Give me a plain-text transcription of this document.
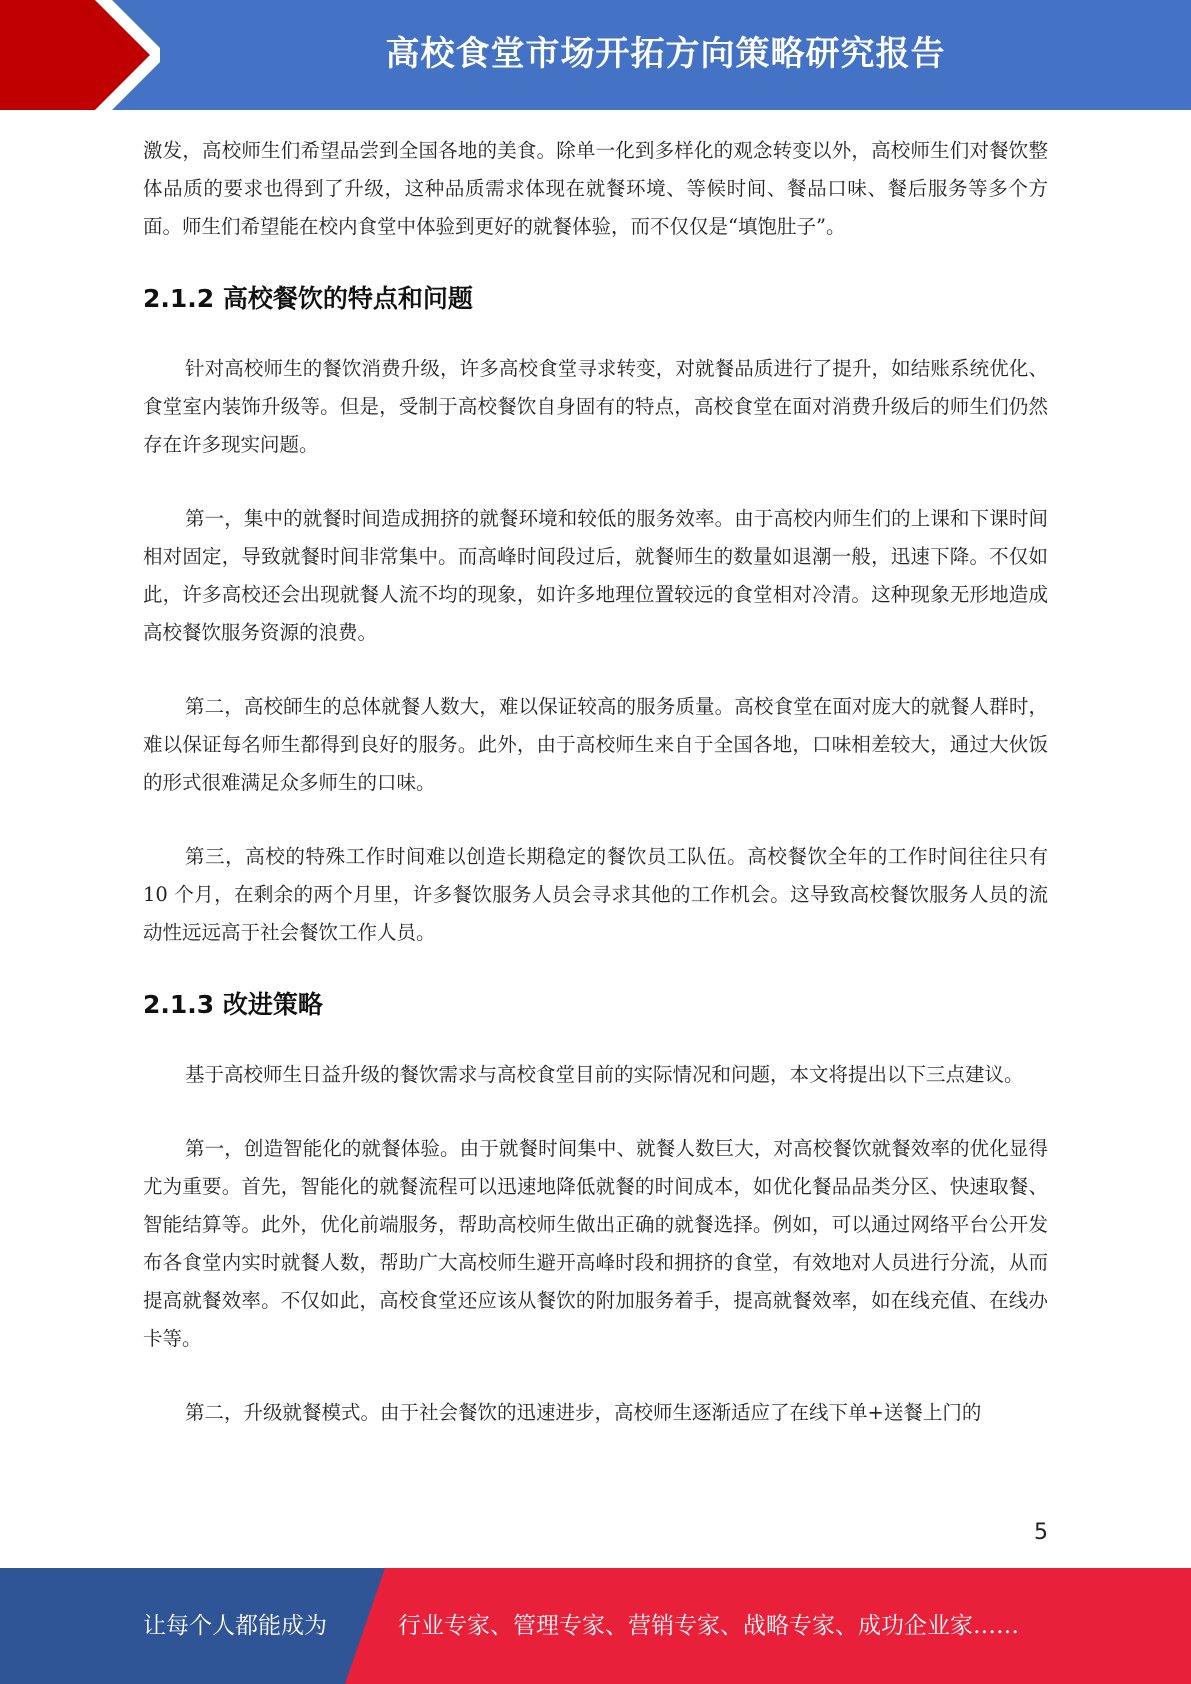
高校食堂市场开拓方向策略研究报告

激发，高校师生们希望品尝到全国各地的美食。除单一化到多样化的观念转变以外，高校师生们对餐饮整体品质的要求也得到了升级，这种品质需求体现在就餐环境、等候时间、餐品口味、餐后服务等多个方面。师生们希望能在校内食堂中体验到更好的就餐体验，而不仅仅是“填饱肚子”。

2.1.2 高校餐饮的特点和问题

针对高校师生的餐饮消费升级，许多高校食堂寻求转变，对就餐品质进行了提升，如结账系统优化、食堂室内装饰升级等。但是，受制于高校餐饮自身固有的特点，高校食堂在面对消费升级后的师生们仍然存在许多现实问题。

第一，集中的就餐时间造成拥挤的就餐环境和较低的服务效率。由于高校内师生们的上课和下课时间相对固定，导致就餐时间非常集中。而高峰时间段过后，就餐师生的数量如退潮一般，迅速下降。不仅如此，许多高校还会出现就餐人流不均的现象，如许多地理位置较远的食堂相对冷清。这种现象无形地造成高校餐饮服务资源的浪费。

第二，高校師生的总体就餐人数大，难以保证较高的服务质量。高校食堂在面对庞大的就餐人群时，难以保证每名师生都得到良好的服务。此外，由于高校师生来自于全国各地，口味相差较大，通过大伙饭的形式很难满足众多师生的口味。

第三，高校的特殊工作时间难以创造长期稳定的餐饮员工队伍。高校餐饮全年的工作时间往往只有 10 个月，在剩余的两个月里，许多餐饮服务人员会寻求其他的工作机会。这导致高校餐饮服务人员的流动性远远高于社会餐饮工作人员。

2.1.3 改进策略

基于高校师生日益升级的餐饮需求与高校食堂目前的实际情况和问题，本文将提出以下三点建议。

第一，创造智能化的就餐体验。由于就餐时间集中、就餐人数巨大，对高校餐饮就餐效率的优化显得尤为重要。首先，智能化的就餐流程可以迅速地降低就餐的时间成本，如优化餐品品类分区、快速取餐、智能结算等。此外，优化前端服务，帮助高校师生做出正确的就餐选择。例如，可以通过网络平台公开发布各食堂内实时就餐人数，帮助广大高校师生避开高峰时段和拥挤的食堂，有效地对人员进行分流，从而提高就餐效率。不仅如此，高校食堂还应该从餐饮的附加服务着手，提高就餐效率，如在线充值、在线办卡等。

第二，升级就餐模式。由于社会餐饮的迅速进步，高校师生逐渐适应了在线下单+送餐上门的

5
让每个人都能成为	行业专家、管理专家、营销专家、战略专家、成功企业家……
